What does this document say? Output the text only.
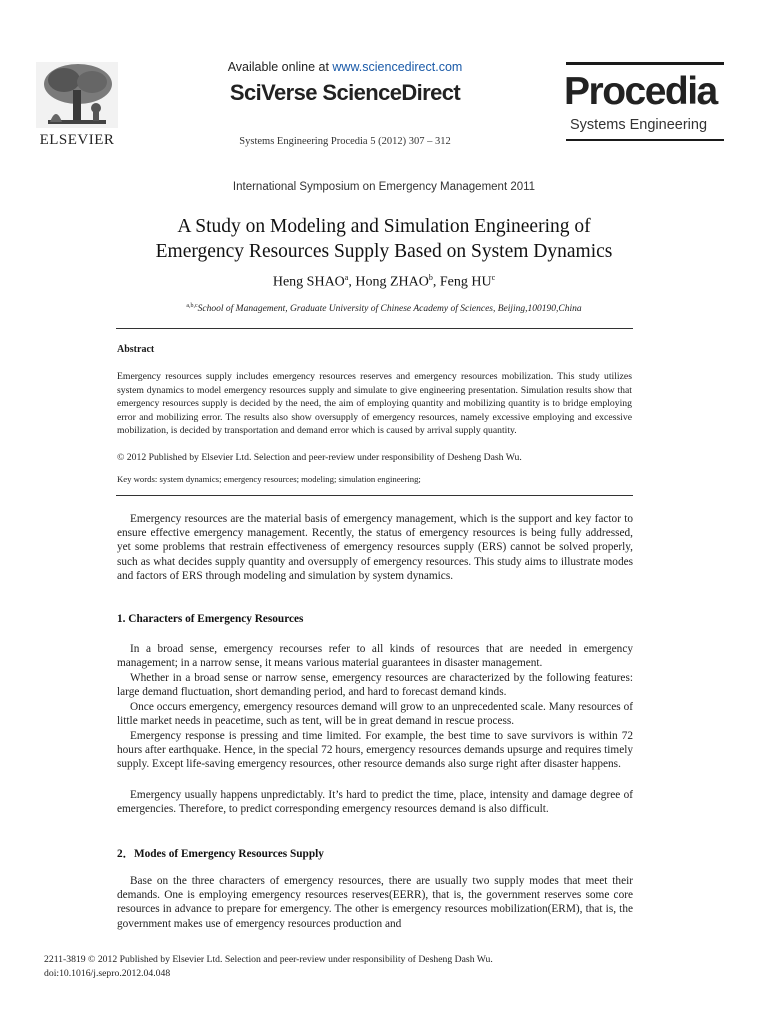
ELSEVIER
Available online at www.sciencedirect.com
SciVerse ScienceDirect
Systems Engineering Procedia 5 (2012) 307 – 312
Procedia
Systems Engineering
International Symposium on Emergency Management 2011
A Study on Modeling and Simulation Engineering of
Emergency Resources Supply Based on System Dynamics
Heng SHAO$^a$, Hong ZHAO$^b$, Feng $HU^c$
$^{a,b,c}$School of Management, Graduate University of Chinese Academy of Sciences, Beijing,100190,China
Abstract
Emergency resources supply includes emergency resources reserves and emergency resources mobilization. This study utilizes system dynamics to model emergency resources supply and simulate to give engineering presentation. Simulation results show that emergency resources supply is decided by the need, the aim of employing quantity and mobilizing quantity is to bridge employing error and mobilizing error. The results also show oversupply of emergency resources, namely excessive employing and excessive mobilization, is decided by transportation and demand error which is caused by arrival supply quantity.
© 2012 Published by Elsevier Ltd. Selection and peer-review under responsibility of Desheng Dash Wu.
Key words: system dynamics; emergency resources; modeling; simulation engineering;

Emergency resources are the material basis of emergency management, which is the support and key factor to ensure effective emergency management. Recently, the status of emergency resources is being fully addressed, yet some problems that restrain effectiveness of emergency resources supply (ERS) cannot be solved properly, such as what decides supply quantity and oversupply of emergency resources. This study aims to illustrate modes and factors of ERS through modeling and simulation by system dynamics.

1. Characters of Emergency Resources

In a broad sense, emergency recourses refer to all kinds of resources that are needed in emergency management; in a narrow sense, it means various material guarantees in disaster management.

Whether in a broad sense or narrow sense, emergency resources are characterized by the following features: large demand fluctuation, short demanding period, and hard to forecast demand kinds.

Once occurs emergency, emergency resources demand will grow to an unprecedented scale. Many resources of little market needs in peacetime, such as tent, will be in great demand in rescue process.

Emergency response is pressing and time limited. For example, the best time to save survivors is within 72 hours after earthquake. Hence, in the special 72 hours, emergency resources demands upsurge and requires timely supply. Except life-saving emergency resources, other resource demands also surge right after disaster happens.

Emergency usually happens unpredictably. It’s hard to predict the time, place, intensity and damage degree of emergencies. Therefore, to predict corresponding emergency resources demand is also difficult.

2．Modes of Emergency Resources Supply

Base on the three characters of emergency resources, there are usually two supply modes that meet their demands. One is employing emergency resources reserves(EERR), that is, the government reserves some core resources in advance to prepare for emergency. The other is emergency resources mobilization(ERM), that is, the government makes use of emergency resources production and

2211-3819 © 2012 Published by Elsevier Ltd. Selection and peer-review under responsibility of Desheng Dash Wu.
doi:10.1016/j.sepro.2012.04.048
